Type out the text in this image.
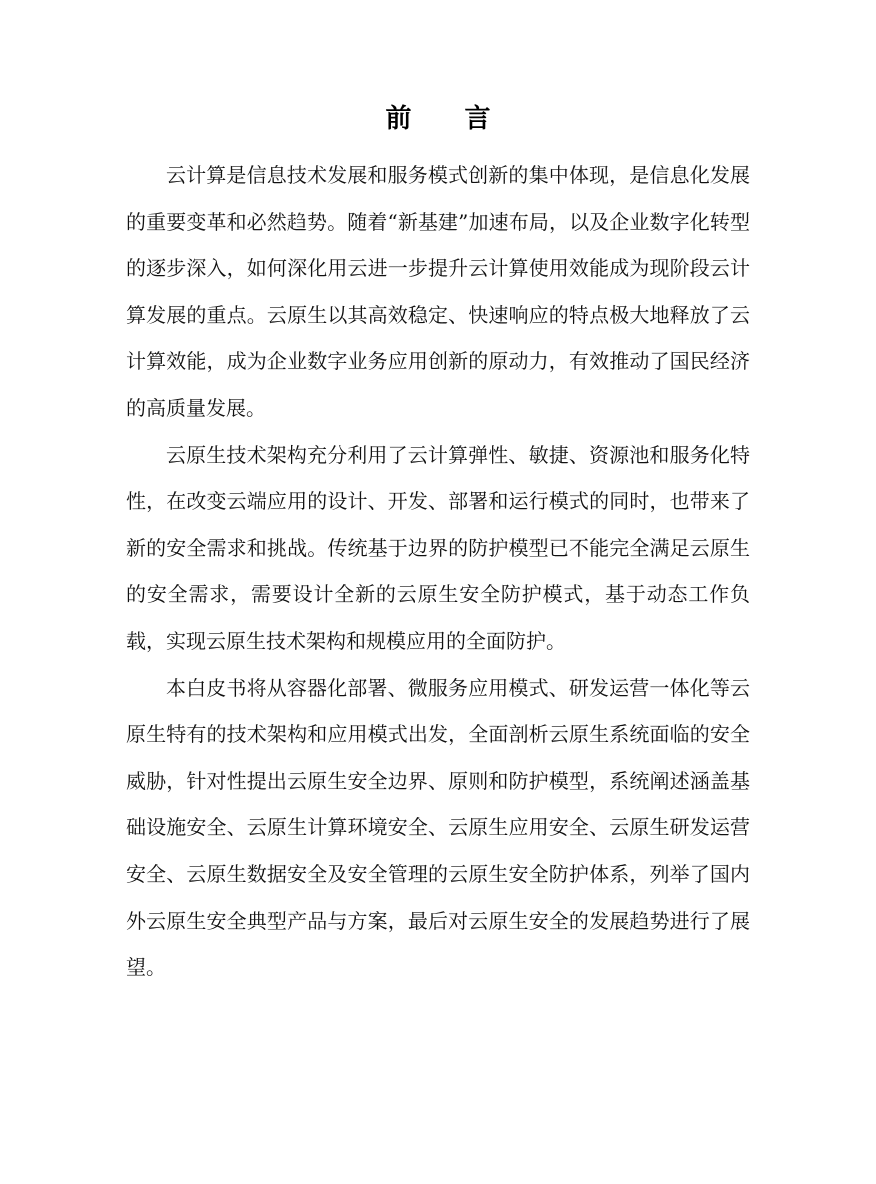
前 言

云计算是信息技术发展和服务模式创新的集中体现，是信息化发展的重要变革和必然趋势。随着“新基建”加速布局，以及企业数字化转型的逐步深入，如何深化用云进一步提升云计算使用效能成为现阶段云计算发展的重点。云原生以其高效稳定、快速响应的特点极大地释放了云计算效能，成为企业数字业务应用创新的原动力，有效推动了国民经济的高质量发展。

云原生技术架构充分利用了云计算弹性、敏捷、资源池和服务化特性，在改变云端应用的设计、开发、部署和运行模式的同时，也带来了新的安全需求和挑战。传统基于边界的防护模型已不能完全满足云原生的安全需求，需要设计全新的云原生安全防护模式，基于动态工作负载，实现云原生技术架构和规模应用的全面防护。

本白皮书将从容器化部署、微服务应用模式、研发运营一体化等云原生特有的技术架构和应用模式出发，全面剖析云原生系统面临的安全威胁，针对性提出云原生安全边界、原则和防护模型，系统阐述涵盖基础设施安全、云原生计算环境安全、云原生应用安全、云原生研发运营安全、云原生数据安全及安全管理的云原生安全防护体系，列举了国内外云原生安全典型产品与方案，最后对云原生安全的发展趋势进行了展望。
